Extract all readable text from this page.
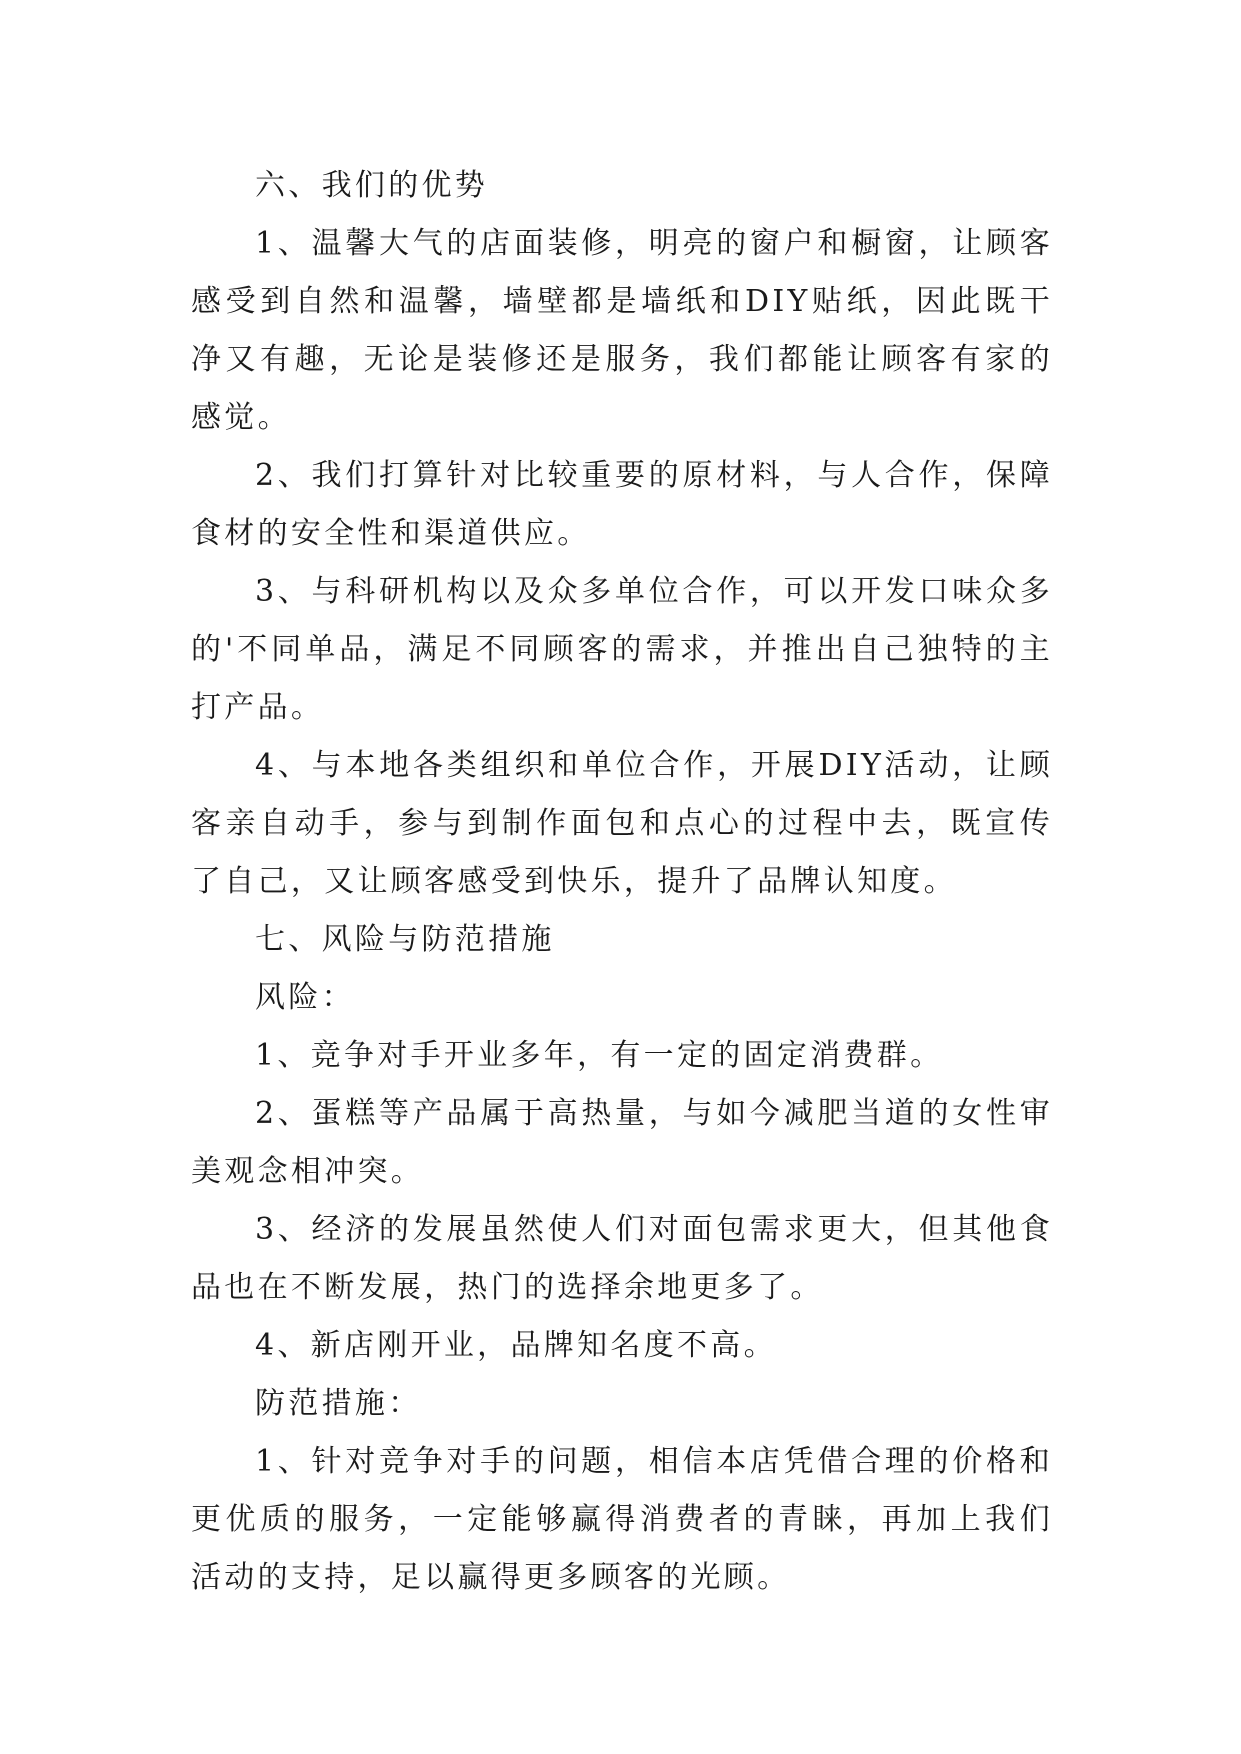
六、我们的优势

1、温馨大气的店面装修，明亮的窗户和橱窗，让顾客感受到自然和温馨，墙壁都是墙纸和DIY贴纸，因此既干净又有趣，无论是装修还是服务，我们都能让顾客有家的感觉。

2、我们打算针对比较重要的原材料，与人合作，保障食材的安全性和渠道供应。

3、与科研机构以及众多单位合作，可以开发口味众多的'不同单品，满足不同顾客的需求，并推出自己独特的主打产品。

4、与本地各类组织和单位合作，开展DIY活动，让顾客亲自动手，参与到制作面包和点心的过程中去，既宣传了自己，又让顾客感受到快乐，提升了品牌认知度。

七、风险与防范措施

风险：

1、竞争对手开业多年，有一定的固定消费群。

2、蛋糕等产品属于高热量，与如今减肥当道的女性审美观念相冲突。

3、经济的发展虽然使人们对面包需求更大，但其他食品也在不断发展，热门的选择余地更多了。

4、新店刚开业，品牌知名度不高。

防范措施：

1、针对竞争对手的问题，相信本店凭借合理的价格和更优质的服务，一定能够赢得消费者的青睐，再加上我们活动的支持，足以赢得更多顾客的光顾。
